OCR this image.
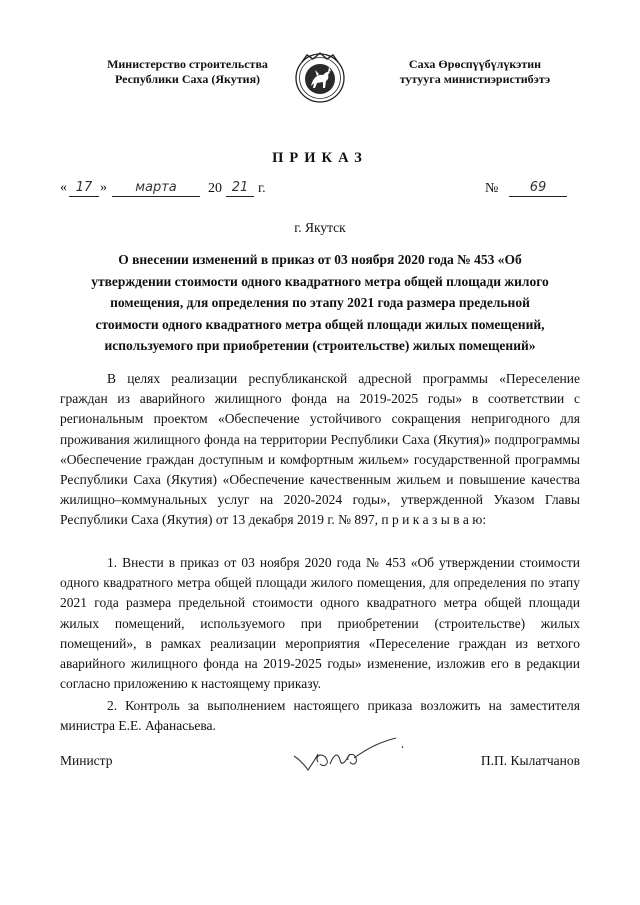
Министерство строительства
Республики Саха (Якутия)
Саха Өрөспүүбүлүкэтин
тутууга министиэристибэтэ
ПРИКАЗ
« 17 »	марта	20 21 г.	№	69
г. Якутск
О внесении изменений в приказ от 03 ноября 2020 года № 453 «Об утверждении стоимости одного квадратного метра общей площади жилого помещения, для определения по этапу 2021 года размера предельной стоимости одного квадратного метра общей площади жилых помещений, используемого при приобретении (строительстве) жилых помещений»
В целях реализации республиканской адресной программы «Переселение граждан из аварийного жилищного фонда на 2019-2025 годы» в соответствии с региональным проектом «Обеспечение устойчивого сокращения непригодного для проживания жилищного фонда на территории Республики Саха (Якутия)» подпрограммы «Обеспечение граждан доступным и комфортным жильем» государственной программы Республики Саха (Якутия) «Обеспечение качественным жильем и повышение качества жилищно–коммунальных услуг на 2020-2024 годы», утвержденной Указом Главы Республики Саха (Якутия) от 13 декабря 2019 г. № 897, п р и к а з ы в а ю:
1. Внести в приказ от 03 ноября 2020 года № 453 «Об утверждении стоимости одного квадратного метра общей площади жилого помещения, для определения по этапу 2021 года размера предельной стоимости одного квадратного метра общей площади жилых помещений, используемого при приобретении (строительстве) жилых помещений», в рамках реализации мероприятия «Переселение граждан из ветхого аварийного жилищного фонда на 2019-2025 годы» изменение, изложив его в редакции согласно приложению к настоящему приказу.
2. Контроль за выполнением настоящего приказа возложить на заместителя министра Е.Е. Афанасьева.
Министр	П.П. Кылатчанов
